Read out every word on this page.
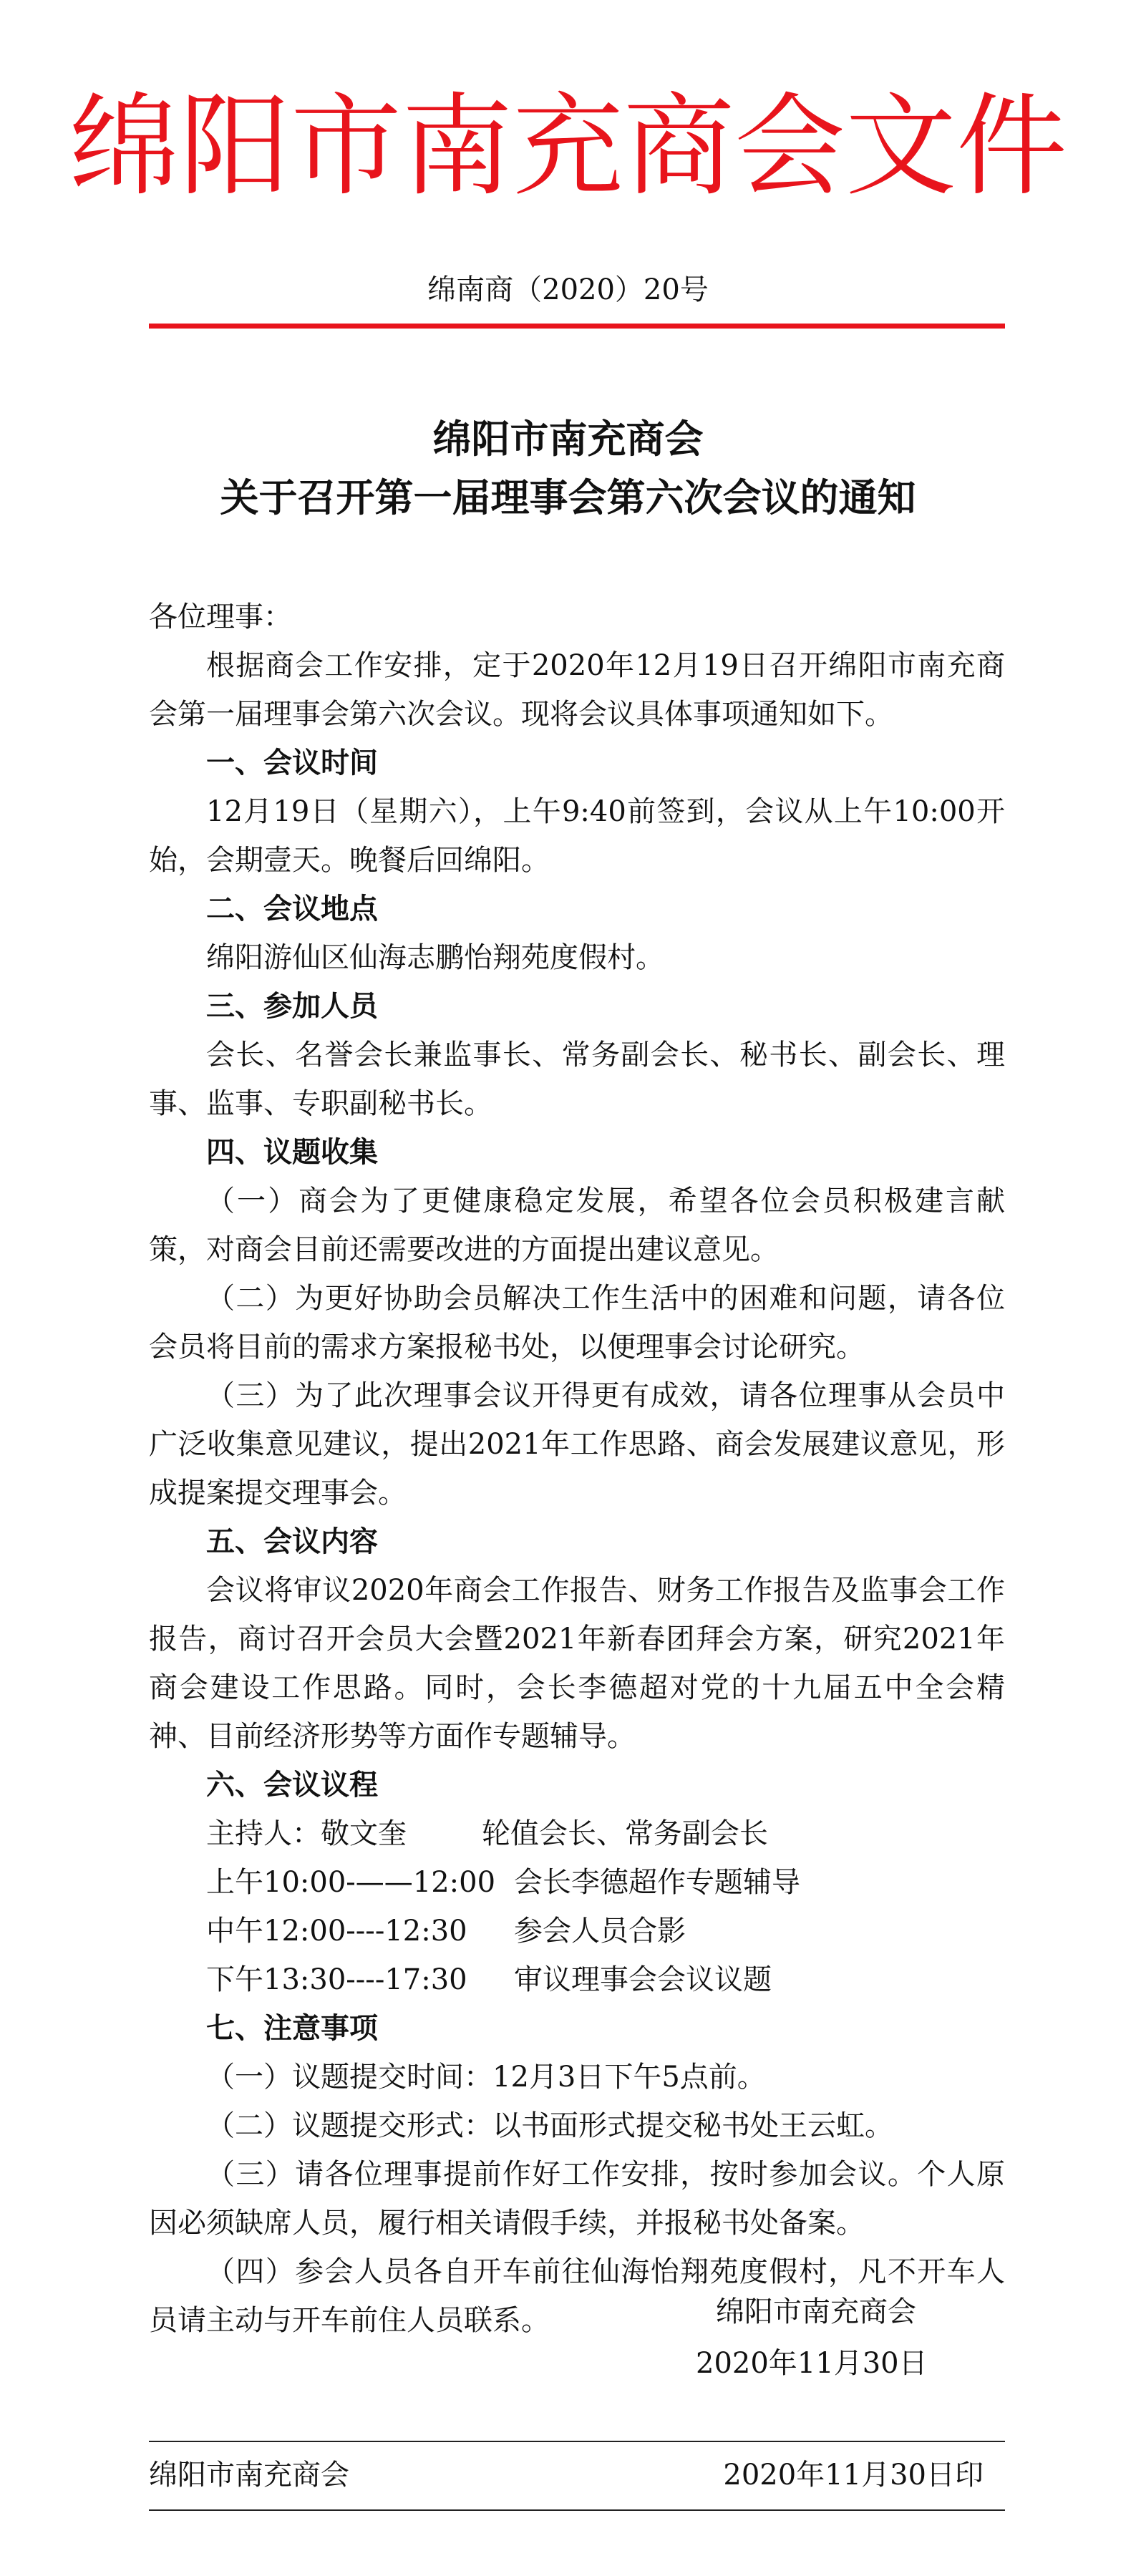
绵阳市南充商会文件
绵南商（2020）20号
绵阳市南充商会
关于召开第一届理事会第六次会议的通知

各位理事：

根据商会工作安排，定于2020年12月19日召开绵阳市南充商会第一届理事会第六次会议。现将会议具体事项通知如下。

一、会议时间

12月19日（星期六），上午9:40前签到，会议从上午10:00开始，会期壹天。晚餐后回绵阳。

二、会议地点

绵阳游仙区仙海志鹏怡翔苑度假村。

三、参加人员

会长、名誉会长兼监事长、常务副会长、秘书长、副会长、理事、监事、专职副秘书长。

四、议题收集

（一）商会为了更健康稳定发展，希望各位会员积极建言献策，对商会目前还需要改进的方面提出建议意见。

（二）为更好协助会员解决工作生活中的困难和问题，请各位会员将目前的需求方案报秘书处，以便理事会讨论研究。

（三）为了此次理事会议开得更有成效，请各位理事从会员中广泛收集意见建议，提出2021年工作思路、商会发展建议意见，形成提案提交理事会。

五、会议内容

会议将审议2020年商会工作报告、财务工作报告及监事会工作报告，商讨召开会员大会暨2021年新春团拜会方案，研究2021年商会建设工作思路。同时，会长李德超对党的十九届五中全会精神、目前经济形势等方面作专题辅导。

六、会议议程

主持人：敬文奎	轮值会长、常务副会长

上午10:00-——12:00 会长李德超作专题辅导

中午12:00----12:30 参会人员合影

下午13:30----17:30 审议理事会会议议题

七、注意事项

（一）议题提交时间：12月3日下午5点前。

（二）议题提交形式：以书面形式提交秘书处王云虹。

（三）请各位理事提前作好工作安排，按时参加会议。个人原因必须缺席人员，履行相关请假手续，并报秘书处备案。

（四）参会人员各自开车前往仙海怡翔苑度假村，凡不开车人员请主动与开车前住人员联系。	绵阳市南充商会
2020年11月30日
绵阳市南充商会	2020年11月30日印
